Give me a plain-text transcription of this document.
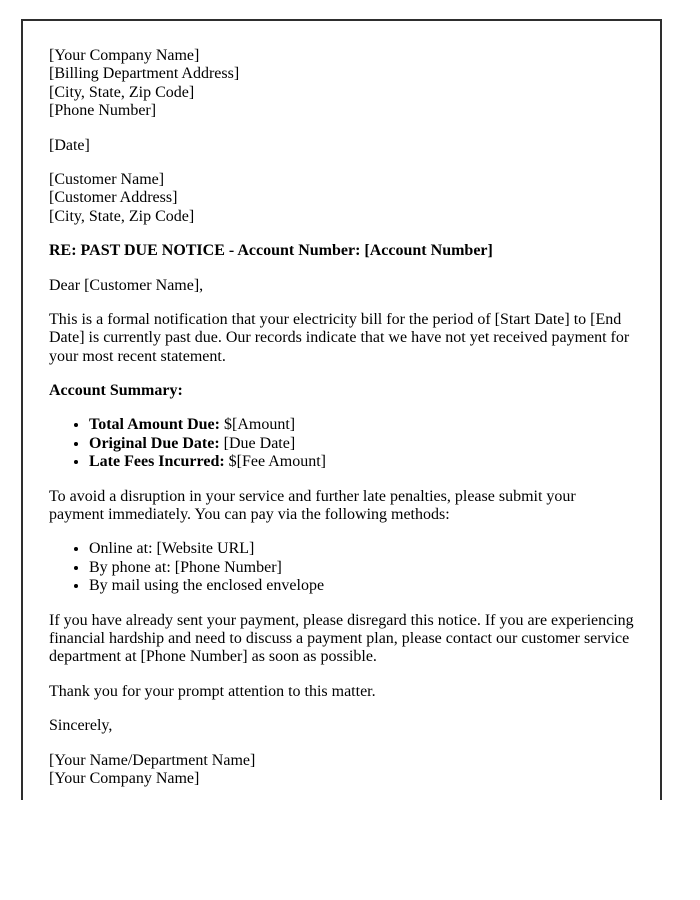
[Your Company Name]
[Billing Department Address]
[City, State, Zip Code]
[Phone Number]
[Date]
[Customer Name]
[Customer Address]
[City, State, Zip Code]
RE: PAST DUE NOTICE - Account Number: [Account Number]
Dear [Customer Name],
This is a formal notification that your electricity bill for the period of [Start Date] to [End Date] is currently past due. Our records indicate that we have not yet received payment for your most recent statement.
Account Summary:
• Total Amount Due: $[Amount]
• Original Due Date: [Due Date]
• Late Fees Incurred: $[Fee Amount]
To avoid a disruption in your service and further late penalties, please submit your payment immediately. You can pay via the following methods:
• Online at: [Website URL]
• By phone at: [Phone Number]
• By mail using the enclosed envelope
If you have already sent your payment, please disregard this notice. If you are experiencing financial hardship and need to discuss a payment plan, please contact our customer service department at [Phone Number] as soon as possible.
Thank you for your prompt attention to this matter.
Sincerely,
[Your Name/Department Name]
[Your Company Name]
